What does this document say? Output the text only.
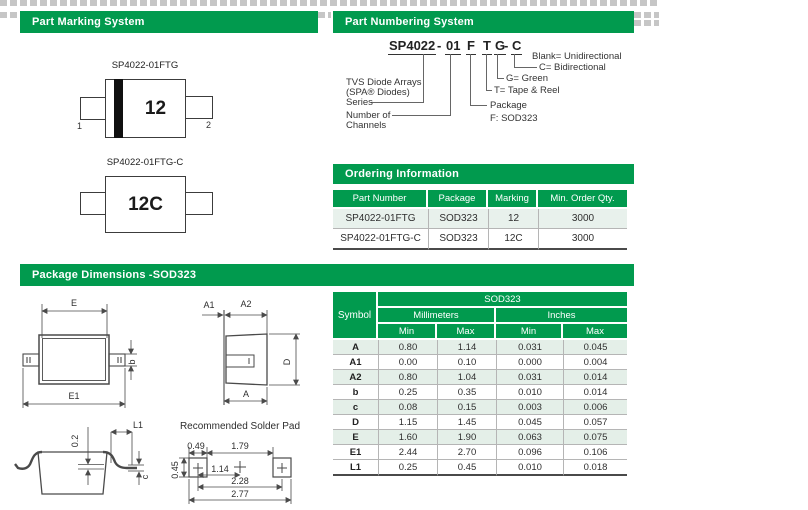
Part Marking System	Part Numbering System
Ordering Information
Package Dimensions -SOD323
SP4022-01FTG
12
1	2
SP4022-01FTG-C
12C
SP4022 - 01 F T G
- C
Blank= Unidirectional
C= Bidirectional
G= Green
T= Tape & Reel
Package
F: SOD323
TVS Diode Arrays
(SPA® Diodes)
Series
Number of
Channels
Part Number	Package	Marking	Min. Order Qty.
SP4022-01FTG	SOD323	12	3000
SP4022-01FTG-C	SOD323	12C	3000
Symbol	SOD323			
	Millimeters		Inches	
	Min	Max	Min	Max
A	0.80	1.14	0.031	0.045
A1	0.00	0.10	0.000	0.004
A2	0.80	1.04	0.031	0.014
b	0.25	0.35	0.010	0.014
c	0.08	0.15	0.003	0.006
D	1.15	1.45	0.045	0.057
E	1.60	1.90	0.063	0.075
E1	2.44	2.70	0.096	0.106
L1	0.25	0.45	0.010	0.018
E
b
E1
A1	A2
D
A
0.2
L1
c
Recommended Solder Pad
0.49	1.79
0.45	1.14
2.28
2.77
